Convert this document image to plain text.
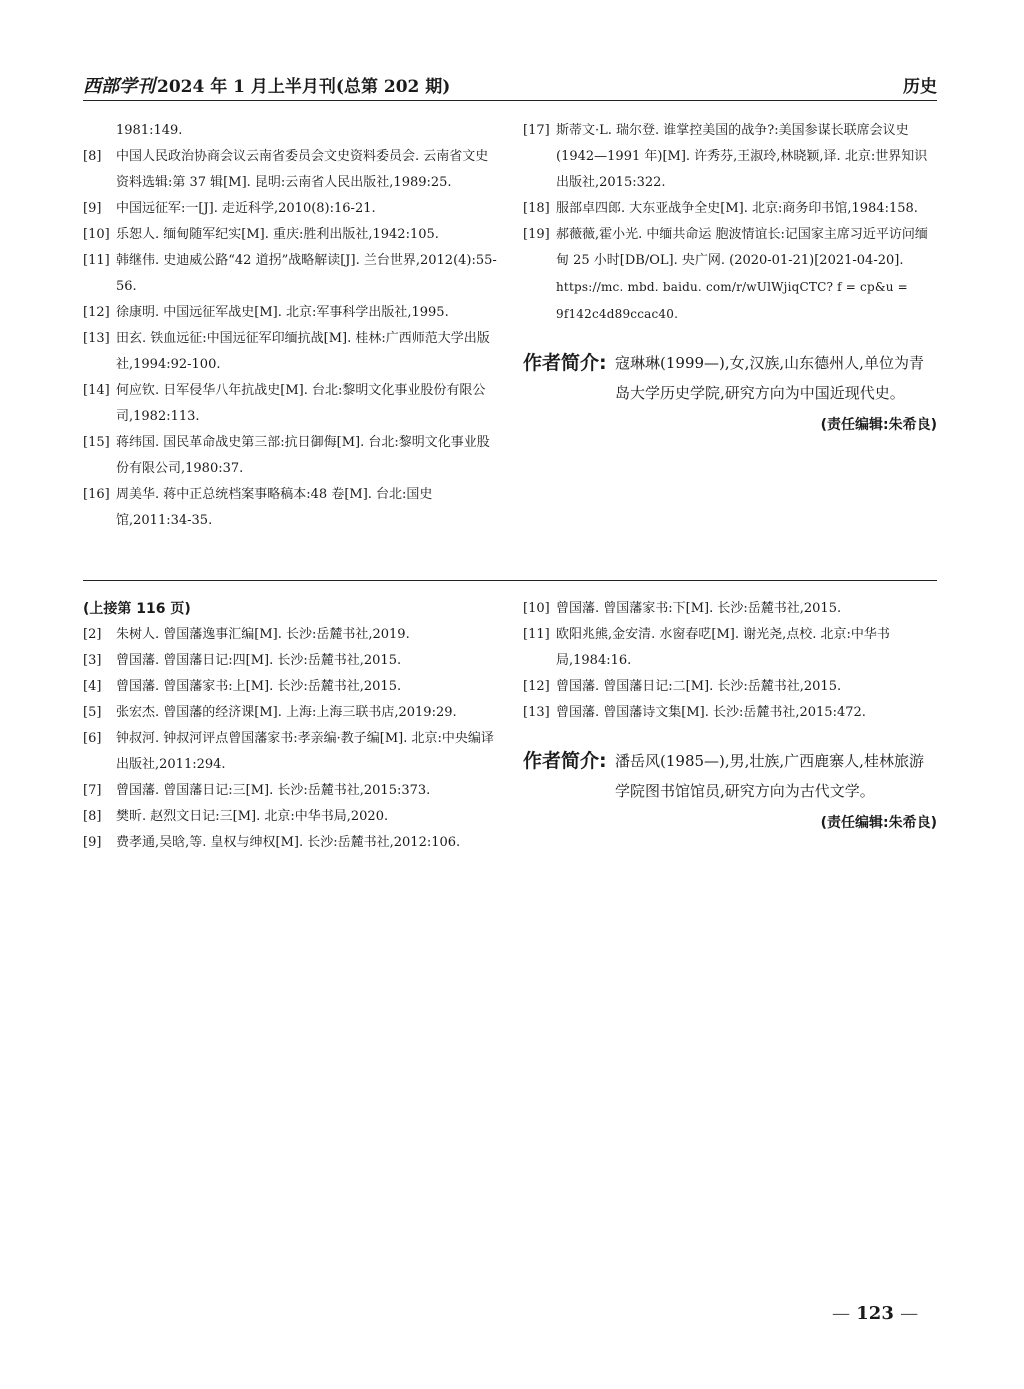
西部学刊 2024 年 1 月上半月刊(总第 202 期)	历史
1981:149.
[8] 中国人民政治协商会议云南省委员会文史资料委员会. 云南省文史资料选辑:第 37 辑[M]. 昆明:云南省人民出版社,1989:25.
[9] 中国远征军:一[J]. 走近科学,2010(8):16-21.
[10] 乐恕人. 缅甸随军纪实[M]. 重庆:胜利出版社,1942:105.
[11] 韩继伟. 史迪威公路“42 道拐”战略解读[J]. 兰台世界,2012(4):55-56.
[12] 徐康明. 中国远征军战史[M]. 北京:军事科学出版社,1995.
[13] 田玄. 铁血远征:中国远征军印缅抗战[M]. 桂林:广西师范大学出版社,1994:92-100.
[14] 何应钦. 日军侵华八年抗战史[M]. 台北:黎明文化事业股份有限公司,1982:113.
[15] 蒋纬国. 国民革命战史第三部:抗日御侮[M]. 台北:黎明文化事业股份有限公司,1980:37.
[16] 周美华. 蒋中正总统档案事略稿本:48 卷[M]. 台北:国史馆,2011:34-35.
[17] 斯蒂文·L. 瑞尔登. 谁掌控美国的战争?:美国参谋长联席会议史(1942—1991 年)[M]. 许秀芬,王淑玲,林晓颖,译. 北京:世界知识出版社,2015:322.
[18] 服部卓四郎. 大东亚战争全史[M]. 北京:商务印书馆,1984:158.
[19] 郝薇薇,霍小光. 中缅共命运 胞波情谊长:记国家主席习近平访问缅甸 25 小时[DB/OL]. 央广网. (2020-01-21)[2021-04-20].
https://mc. mbd. baidu. com/r/wUlWjiqCTC? f = cp&u = 9f142c4d89ccac40.
作者简介: 寇琳琳(1999—),女,汉族,山东德州人,单位为青岛大学历史学院,研究方向为中国近现代史。
(责任编辑:朱希良)
(上接第 116 页)
[2] 朱树人. 曾国藩逸事汇编[M]. 长沙:岳麓书社,2019.
[3] 曾国藩. 曾国藩日记:四[M]. 长沙:岳麓书社,2015.
[4] 曾国藩. 曾国藩家书:上[M]. 长沙:岳麓书社,2015.
[5] 张宏杰. 曾国藩的经济课[M]. 上海:上海三联书店,2019:29.
[6] 钟叔河. 钟叔河评点曾国藩家书:孝亲编·教子编[M]. 北京:中央编译出版社,2011:294.
[7] 曾国藩. 曾国藩日记:三[M]. 长沙:岳麓书社,2015:373.
[8] 樊昕. 赵烈文日记:三[M]. 北京:中华书局,2020.
[9] 费孝通,吴晗,等. 皇权与绅权[M]. 长沙:岳麓书社,2012:106.
[10] 曾国藩. 曾国藩家书:下[M]. 长沙:岳麓书社,2015.
[11] 欧阳兆熊,金安清. 水窗春呓[M]. 谢光尧,点校. 北京:中华书局,1984:16.
[12] 曾国藩. 曾国藩日记:二[M]. 长沙:岳麓书社,2015.
[13] 曾国藩. 曾国藩诗文集[M]. 长沙:岳麓书社,2015:472.
作者简介: 潘岳风(1985—),男,壮族,广西鹿寨人,桂林旅游学院图书馆馆员,研究方向为古代文学。
(责任编辑:朱希良)
— 123 —
